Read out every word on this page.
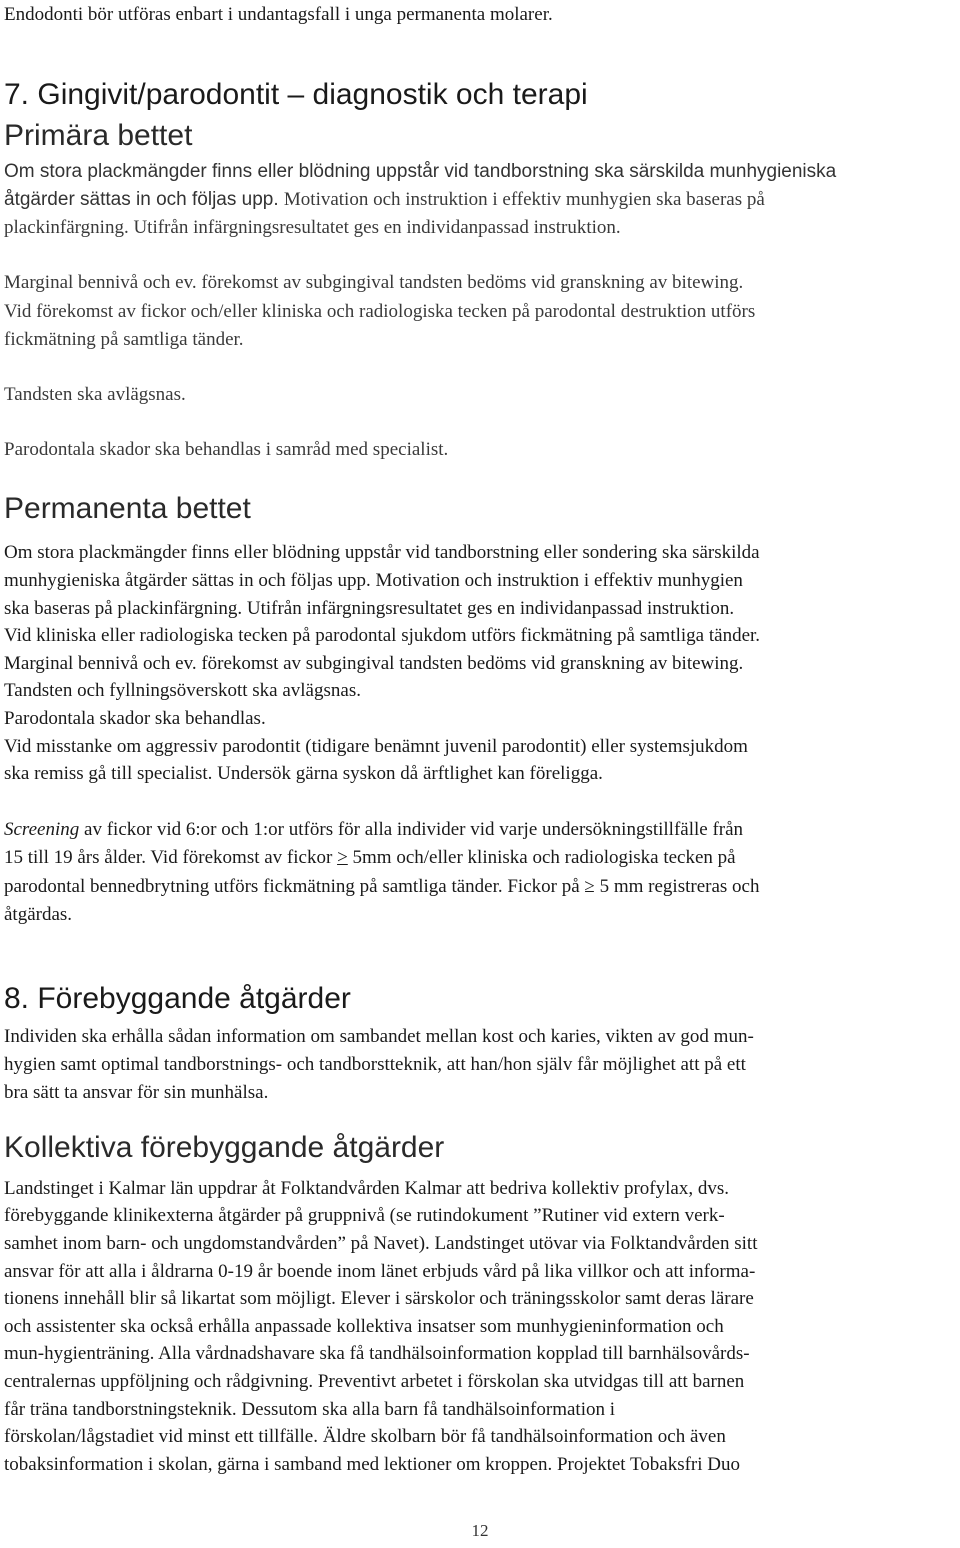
Endodonti bör utföras enbart i undantagsfall i unga permanenta molarer.
7. Gingivit/parodontit – diagnostik och terapi
Primära bettet
Om stora plackmängder finns eller blödning uppstår vid tandborstning ska särskilda munhygieniska
åtgärder sättas in och följas upp. Motivation och instruktion i effektiv munhygien ska baseras på
plackinfärgning. Utifrån infärgningsresultatet ges en individanpassad instruktion.
Marginal bennivå och ev. förekomst av subgingival tandsten bedöms vid granskning av bitewing.
Vid förekomst av fickor och/eller kliniska och radiologiska tecken på parodontal destruktion utförs
fickmätning på samtliga tänder.
Tandsten ska avlägsnas.
Parodontala skador ska behandlas i samråd med specialist.
Permanenta bettet
Om stora plackmängder finns eller blödning uppstår vid tandborstning eller sondering ska särskilda
munhygieniska åtgärder sättas in och följas upp. Motivation och instruktion i effektiv munhygien
ska baseras på plackinfärgning. Utifrån infärgningsresultatet ges en individanpassad instruktion.
Vid kliniska eller radiologiska tecken på parodontal sjukdom utförs fickmätning på samtliga tänder.
Marginal bennivå och ev. förekomst av subgingival tandsten bedöms vid granskning av bitewing.
Tandsten och fyllningsöverskott ska avlägsnas.
Parodontala skador ska behandlas.
Vid misstanke om aggressiv parodontit (tidigare benämnt juvenil parodontit) eller systemsjukdom
ska remiss gå till specialist. Undersök gärna syskon då ärftlighet kan föreligga.
Screening av fickor vid 6:or och 1:or utförs för alla individer vid varje undersökningstillfälle från
15 till 19 års ålder. Vid förekomst av fickor ≥ 5mm och/eller kliniska och radiologiska tecken på
parodontal bennedbrytning utförs fickmätning på samtliga tänder. Fickor på ≥ 5 mm registreras och
åtgärdas.
8. Förebyggande åtgärder
Individen ska erhålla sådan information om sambandet mellan kost och karies, vikten av god mun-
hygien samt optimal tandborstnings- och tandborstteknik, att han/hon själv får möjlighet att på ett
bra sätt ta ansvar för sin munhälsa.
Kollektiva förebyggande åtgärder
Landstinget i Kalmar län uppdrar åt Folktandvården Kalmar att bedriva kollektiv profylax, dvs.
förebyggande klinikexterna åtgärder på gruppnivå (se rutindokument ”Rutiner vid extern verk-
samhet inom barn- och ungdomstandvården” på Navet). Landstinget utövar via Folktandvården sitt
ansvar för att alla i åldrarna 0-19 år boende inom länet erbjuds vård på lika villkor och att informa-
tionens innehåll blir så likartat som möjligt. Elever i särskolor och träningsskolor samt deras lärare
och assistenter ska också erhålla anpassade kollektiva insatser som munhygieninformation och
mun-hygienträning. Alla vårdnadshavare ska få tandhälsoinformation kopplad till barnhälsovårds-
centralernas uppföljning och rådgivning. Preventivt arbetet i förskolan ska utvidgas till att barnen
får träna tandborstningsteknik. Dessutom ska alla barn få tandhälsoinformation i
förskolan/lågstadiet vid minst ett tillfälle. Äldre skolbarn bör få tandhälsoinformation och även
tobaksinformation i skolan, gärna i samband med lektioner om kroppen. Projektet Tobaksfri Duo
12
